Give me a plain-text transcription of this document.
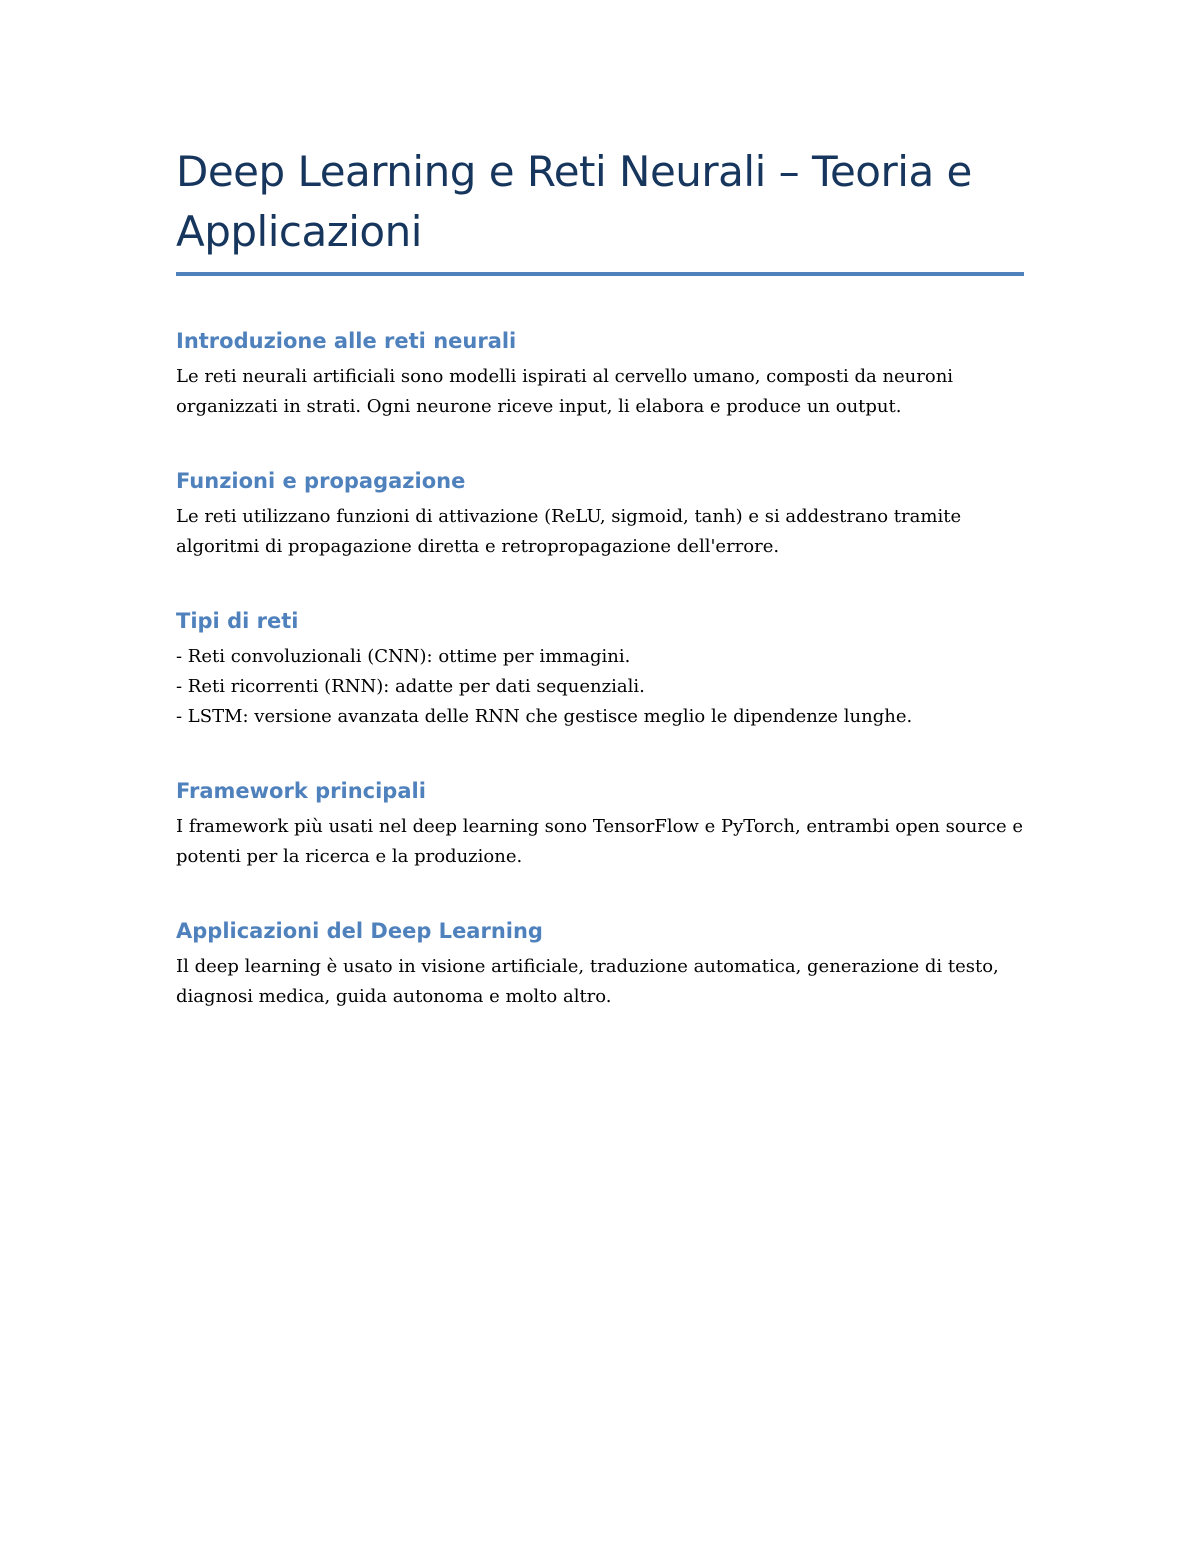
Deep Learning e Reti Neurali – Teoria e Applicazioni
Introduzione alle reti neurali

Le reti neurali artificiali sono modelli ispirati al cervello umano, composti da neuroni organizzati in strati. Ogni neurone riceve input, li elabora e produce un output.

Funzioni e propagazione

Le reti utilizzano funzioni di attivazione (ReLU, sigmoid, tanh) e si addestrano tramite algoritmi di propagazione diretta e retropropagazione dell'errore.

Tipi di reti
- Reti convoluzionali (CNN): ottime per immagini.
- Reti ricorrenti (RNN): adatte per dati sequenziali.
- LSTM: versione avanzata delle RNN che gestisce meglio le dipendenze lunghe.
Framework principali

I framework più usati nel deep learning sono TensorFlow e PyTorch, entrambi open source e potenti per la ricerca e la produzione.

Applicazioni del Deep Learning

Il deep learning è usato in visione artificiale, traduzione automatica, generazione di testo, diagnosi medica, guida autonoma e molto altro.
